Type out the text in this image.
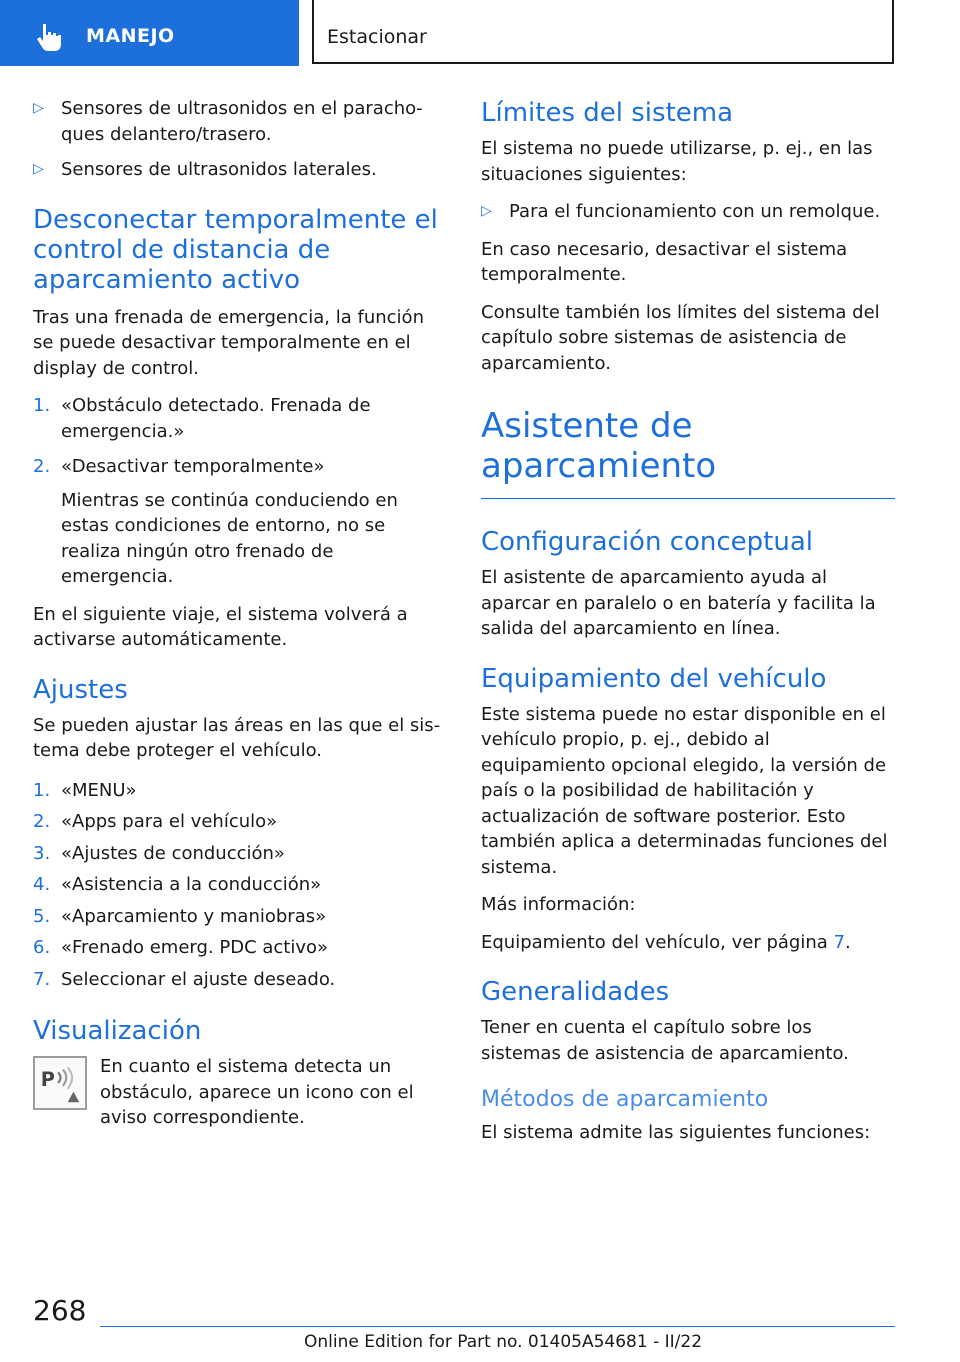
MANEJO	Estacionar
▷ Sensores de ultrasonidos en el parachoques delantero/trasero.
▷ Sensores de ultrasonidos laterales.
Desconectar temporalmente el control de distancia de aparcamiento activo

Tras una frenada de emergencia, la función se puede desactivar temporalmente en el display de control.

1. «Obstáculo detectado. Frenada de emergencia.»
2. «Desactivar temporalmente»
Mientras se continúa conduciendo en estas condiciones de entorno, no se realiza ningún otro frenado de emergencia.

En el siguiente viaje, el sistema volverá a activarse automáticamente.

Ajustes

Se pueden ajustar las áreas en las que el sistema debe proteger el vehículo.

1. «MENU»
2. «Apps para el vehículo»
3. «Ajustes de conducción»
4. «Asistencia a la conducción»
5. «Aparcamiento y maniobras»
6. «Frenado emerg. PDC activo»
7. Seleccionar el ajuste deseado.
Visualización
P

En cuanto el sistema detecta un obstáculo, aparece un icono con el aviso correspondiente.

Límites del sistema

El sistema no puede utilizarse, p. ej., en las situaciones siguientes:

▷ Para el funcionamiento con un remolque.

En caso necesario, desactivar el sistema temporalmente.

Consulte también los límites del sistema del capítulo sobre sistemas de asistencia de aparcamiento.

Asistente de aparcamiento
Configuración conceptual

El asistente de aparcamiento ayuda al aparcar en paralelo o en batería y facilita la salida del aparcamiento en línea.

Equipamiento del vehículo

Este sistema puede no estar disponible en el vehículo propio, p. ej., debido al equipamiento opcional elegido, la versión de país o la posibilidad de habilitación y actualización de software posterior. Esto también aplica a determinadas funciones del sistema.

Más información:

Equipamiento del vehículo, ver página 7.

Generalidades

Tener en cuenta el capítulo sobre los sistemas de asistencia de aparcamiento.

Métodos de aparcamiento

El sistema admite las siguientes funciones:

268
Online Edition for Part no. 01405A54681 - II/22
